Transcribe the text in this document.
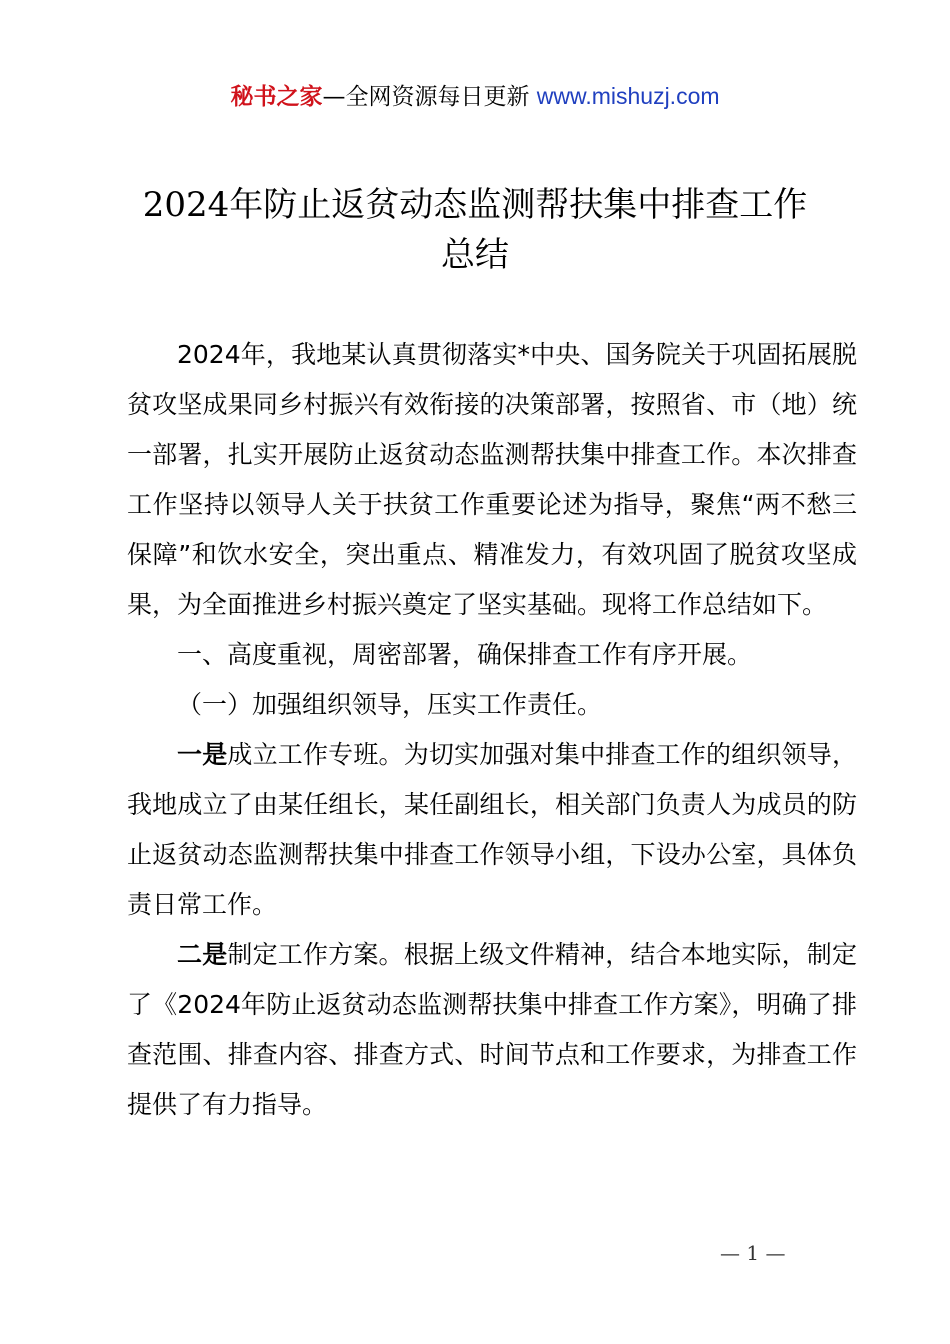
秘书之家—全网资源每日更新 www.mishuzj.com
2024年防止返贫动态监测帮扶集中排查工作
总结

2024年，我地某认真贯彻落实*中央、国务院关于巩固拓展脱贫攻坚成果同乡村振兴有效衔接的决策部署，按照省、市（地）统一部署，扎实开展防止返贫动态监测帮扶集中排查工作。本次排查工作坚持以领导人关于扶贫工作重要论述为指导，聚焦“两不愁三保障”和饮水安全，突出重点、精准发力，有效巩固了脱贫攻坚成果，为全面推进乡村振兴奠定了坚实基础。现将工作总结如下。

一、高度重视，周密部署，确保排查工作有序开展。

（一）加强组织领导，压实工作责任。

一是成立工作专班。为切实加强对集中排查工作的组织领导，我地成立了由某任组长，某任副组长，相关部门负责人为成员的防止返贫动态监测帮扶集中排查工作领导小组，下设办公室，具体负责日常工作。

二是制定工作方案。根据上级文件精神，结合本地实际，制定了《2024年防止返贫动态监测帮扶集中排查工作方案》，明确了排查范围、排查内容、排查方式、时间节点和工作要求，为排查工作提供了有力指导。

— 1 —
